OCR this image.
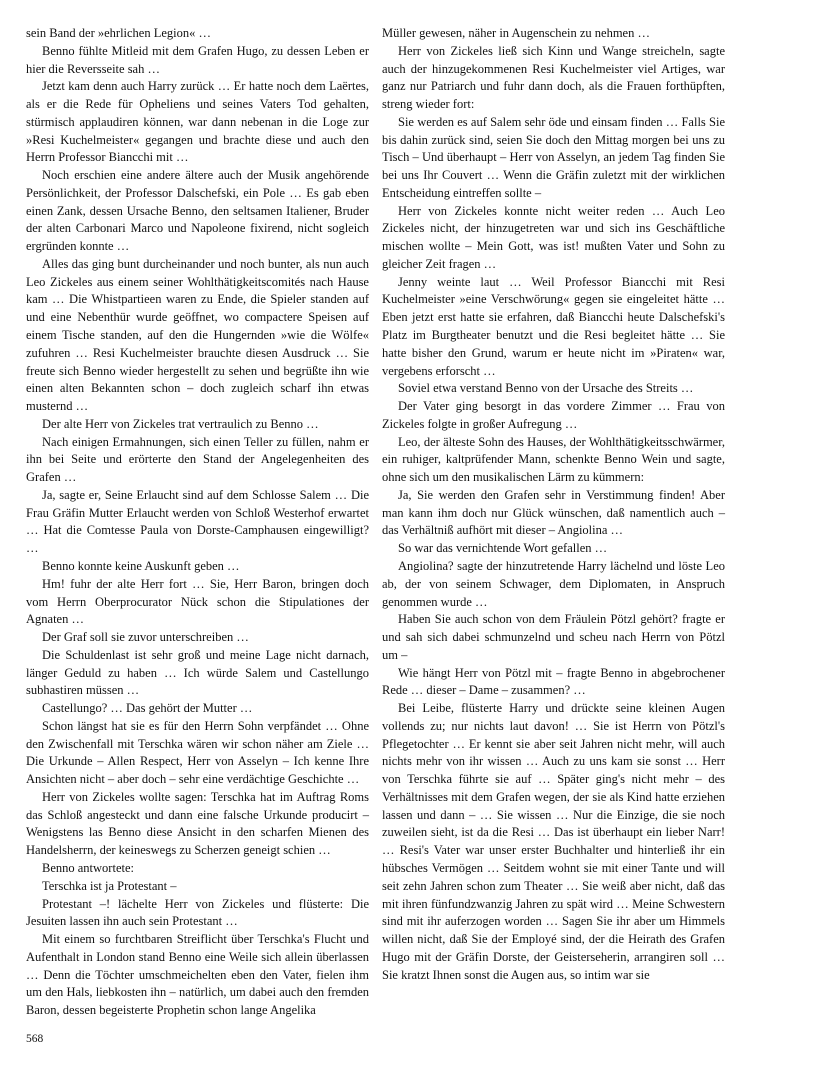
sein Band der »ehrlichen Legion« …

Benno fühlte Mitleid mit dem Grafen Hugo, zu dessen Leben er hier die Reversseite sah …

Jetzt kam denn auch Harry zurück … Er hatte noch dem Laërtes, als er die Rede für Opheliens und seines Vaters Tod gehalten, stürmisch applaudiren können, war dann nebenan in die Loge zur »Resi Kuchelmeister« gegangen und brachte diese und auch den Herrn Professor Biancchi mit …

Noch erschien eine andere ältere auch der Musik angehörende Persönlichkeit, der Professor Dalschefski, ein Pole … Es gab eben einen Zank, dessen Ursache Benno, den seltsamen Italiener, Bruder der alten Carbonari Marco und Napoleone fixirend, nicht sogleich ergründen konnte …

Alles das ging bunt durcheinander und noch bunter, als nun auch Leo Zickeles aus einem seiner Wohlthätigkeitscomités nach Hause kam … Die Whistpartieen waren zu Ende, die Spieler standen auf und eine Nebenthür wurde geöffnet, wo compactere Speisen auf einem Tische standen, auf den die Hungernden »wie die Wölfe« zufuhren … Resi Kuchelmeister brauchte diesen Ausdruck … Sie freute sich Benno wieder hergestellt zu sehen und begrüßte ihn wie einen alten Bekannten schon – doch zugleich scharf ihn etwas musternd …

Der alte Herr von Zickeles trat vertraulich zu Benno …

Nach einigen Ermahnungen, sich einen Teller zu füllen, nahm er ihn bei Seite und erörterte den Stand der Angelegenheiten des Grafen …

Ja, sagte er, Seine Erlaucht sind auf dem Schlosse Salem … Die Frau Gräfin Mutter Erlaucht werden von Schloß Westerhof erwartet … Hat die Comtesse Paula von Dorste-Camphausen eingewilligt? …

Benno konnte keine Auskunft geben …

Hm! fuhr der alte Herr fort … Sie, Herr Baron, bringen doch vom Herrn Oberprocurator Nück schon die Stipulationes der Agnaten …

Der Graf soll sie zuvor unterschreiben …

Die Schuldenlast ist sehr groß und meine Lage nicht darnach, länger Geduld zu haben … Ich würde Salem und Castellungo subhastiren müssen …

Castellungo? … Das gehört der Mutter …

Schon längst hat sie es für den Herrn Sohn verpfändet … Ohne den Zwischenfall mit Terschka wären wir schon näher am Ziele … Die Urkunde – Allen Respect, Herr von Asselyn – Ich kenne Ihre Ansichten nicht – aber doch – sehr eine verdächtige Geschichte …

Herr von Zickeles wollte sagen: Terschka hat im Auftrag Roms das Schloß angesteckt und dann eine falsche Urkunde producirt – Wenigstens las Benno diese Ansicht in den scharfen Mienen des Handelsherrn, der keineswegs zu Scherzen geneigt schien …

Benno antwortete:

Terschka ist ja Protestant –

Protestant –! lächelte Herr von Zickeles und flüsterte: Die Jesuiten lassen ihn auch sein Protestant …

Mit einem so furchtbaren Streiflicht über Terschka's Flucht und Aufenthalt in London stand Benno eine Weile sich allein überlassen … Denn die Töchter umschmeichelten eben den Vater, fielen ihm um den Hals, liebkosten ihn – natürlich, um dabei auch den fremden Baron, dessen begeisterte Prophetin schon lange Angelika

Müller gewesen, näher in Augenschein zu nehmen …

Herr von Zickeles ließ sich Kinn und Wange streicheln, sagte auch der hinzugekommenen Resi Kuchelmeister viel Artiges, war ganz nur Patriarch und fuhr dann doch, als die Frauen forthüpften, streng wieder fort:

Sie werden es auf Salem sehr öde und einsam finden … Falls Sie bis dahin zurück sind, seien Sie doch den Mittag morgen bei uns zu Tisch – Und überhaupt – Herr von Asselyn, an jedem Tag finden Sie bei uns Ihr Couvert … Wenn die Gräfin zuletzt mit der wirklichen Entscheidung eintreffen sollte –

Herr von Zickeles konnte nicht weiter reden … Auch Leo Zickeles nicht, der hinzugetreten war und sich ins Geschäftliche mischen wollte – Mein Gott, was ist! mußten Vater und Sohn zu gleicher Zeit fragen …

Jenny weinte laut … Weil Professor Biancchi mit Resi Kuchelmeister »eine Verschwörung« gegen sie eingeleitet hätte … Eben jetzt erst hatte sie erfahren, daß Biancchi heute Dalschefski's Platz im Burgtheater benutzt und die Resi begleitet hätte … Sie hatte bisher den Grund, warum er heute nicht im »Piraten« war, vergebens erforscht …

Soviel etwa verstand Benno von der Ursache des Streits …

Der Vater ging besorgt in das vordere Zimmer … Frau von Zickeles folgte in großer Aufregung …

Leo, der älteste Sohn des Hauses, der Wohlthätigkeitsschwärmer, ein ruhiger, kaltprüfender Mann, schenkte Benno Wein und sagte, ohne sich um den musikalischen Lärm zu kümmern:

Ja, Sie werden den Grafen sehr in Verstimmung finden! Aber man kann ihm doch nur Glück wünschen, daß namentlich auch – das Verhältniß aufhört mit dieser – Angiolina …

So war das vernichtende Wort gefallen …

Angiolina? sagte der hinzutretende Harry lächelnd und löste Leo ab, der von seinem Schwager, dem Diplomaten, in Anspruch genommen wurde …

Haben Sie auch schon von dem Fräulein Pötzl gehört? fragte er und sah sich dabei schmunzelnd und scheu nach Herrn von Pötzl um –

Wie hängt Herr von Pötzl mit – fragte Benno in abgebrochener Rede … dieser – Dame – zusammen? …

Bei Leibe, flüsterte Harry und drückte seine kleinen Augen vollends zu; nur nichts laut davon! … Sie ist Herrn von Pötzl's Pflegetochter … Er kennt sie aber seit Jahren nicht mehr, will auch nichts mehr von ihr wissen … Auch zu uns kam sie sonst … Herr von Terschka führte sie auf … Später ging's nicht mehr – des Verhältnisses mit dem Grafen wegen, der sie als Kind hatte erziehen lassen und dann – … Sie wissen … Nur die Einzige, die sie noch zuweilen sieht, ist da die Resi … Das ist überhaupt ein lieber Narr! … Resi's Vater war unser erster Buchhalter und hinterließ ihr ein hübsches Vermögen … Seitdem wohnt sie mit einer Tante und will seit zehn Jahren schon zum Theater … Sie weiß aber nicht, daß das mit ihren fünfundzwanzig Jahren zu spät wird … Meine Schwestern sind mit ihr auferzogen worden … Sagen Sie ihr aber um Himmels willen nicht, daß Sie der Employé sind, der die Heirath des Grafen Hugo mit der Gräfin Dorste, der Geisterseherin, arrangiren soll … Sie kratzt Ihnen sonst die Augen aus, so intim war sie

568
